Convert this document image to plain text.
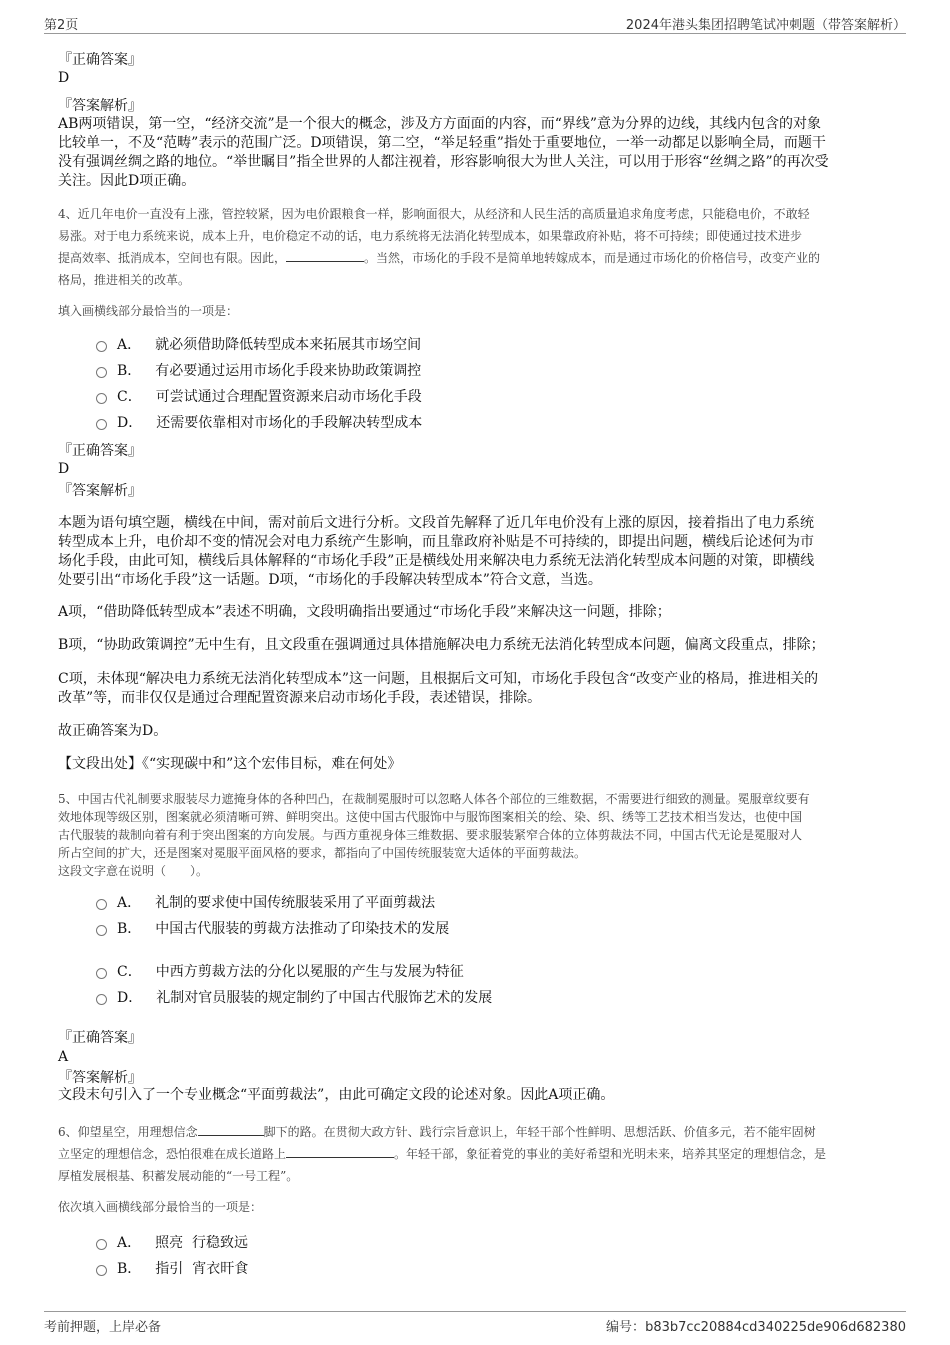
第2页	2024年港头集团招聘笔试冲刺题（带答案解析）
『正确答案』
D
『答案解析』
AB两项错误，第一空，“经济交流”是一个很大的概念，涉及方方面面的内容，而“界线”意为分界的边线，其线内包含的对象
比较单一，不及“范畴”表示的范围广泛。D项错误，第二空，“举足轻重”指处于重要地位，一举一动都足以影响全局，而题干
没有强调丝绸之路的地位。“举世瞩目”指全世界的人都注视着，形容影响很大为世人关注，可以用于形容“丝绸之路”的再次受
关注。因此D项正确。
4、近几年电价一直没有上涨，管控较紧，因为电价跟粮食一样，影响面很大，从经济和人民生活的高质量追求角度考虑，只能稳电价，不敢轻
易涨。对于电力系统来说，成本上升，电价稳定不动的话，电力系统将无法消化转型成本，如果靠政府补贴，将不可持续；即使通过技术进步
提高效率、抵消成本，空间也有限。因此，	。当然，市场化的手段不是简单地转嫁成本，而是通过市场化的价格信号，改变产业的
格局，推进相关的改革。
填入画横线部分最恰当的一项是：
A． 就必须借助降低转型成本来拓展其市场空间
B． 有必要通过运用市场化手段来协助政策调控
C． 可尝试通过合理配置资源来启动市场化手段
D． 还需要依靠相对市场化的手段解决转型成本
『正确答案』
D
『答案解析』
本题为语句填空题，横线在中间，需对前后文进行分析。文段首先解释了近几年电价没有上涨的原因，接着指出了电力系统
转型成本上升，电价却不变的情况会对电力系统产生影响，而且靠政府补贴是不可持续的，即提出问题，横线后论述何为市
场化手段，由此可知，横线后具体解释的“市场化手段”正是横线处用来解决电力系统无法消化转型成本问题的对策，即横线
处要引出“市场化手段”这一话题。D项，“市场化的手段解决转型成本”符合文意，当选。
A项，“借助降低转型成本”表述不明确，文段明确指出要通过“市场化手段”来解决这一问题，排除；
B项，“协助政策调控”无中生有，且文段重在强调通过具体措施解决电力系统无法消化转型成本问题，偏离文段重点，排除；
C项，未体现“解决电力系统无法消化转型成本”这一问题，且根据后文可知，市场化手段包含“改变产业的格局，推进相关的
改革”等，而非仅仅是通过合理配置资源来启动市场化手段，表述错误，排除。
故正确答案为D。
【文段出处】《“实现碳中和”这个宏伟目标，难在何处》
5、中国古代礼制要求服装尽力遮掩身体的各种凹凸，在裁制冕服时可以忽略人体各个部位的三维数据，不需要进行细致的测量。冕服章纹要有
效地体现等级区别，图案就必须清晰可辨、鲜明突出。这使中国古代服饰中与服饰图案相关的绘、染、织、绣等工艺技术相当发达，也使中国
古代服装的裁制向着有利于突出图案的方向发展。与西方重视身体三维数据、要求服装紧窄合体的立体剪裁法不同，中国古代无论是冕服对人
所占空间的扩大，还是图案对冕服平面风格的要求，都指向了中国传统服装宽大适体的平面剪裁法。
这段文字意在说明（　　）。
A． 礼制的要求使中国传统服装采用了平面剪裁法
B． 中国古代服装的剪裁方法推动了印染技术的发展
C． 中西方剪裁方法的分化以冕服的产生与发展为特征
D． 礼制对官员服装的规定制约了中国古代服饰艺术的发展
『正确答案』
A
『答案解析』
文段末句引入了一个专业概念“平面剪裁法”，由此可确定文段的论述对象。因此A项正确。
6、仰望星空，用理想信念	脚下的路。在贯彻大政方针、践行宗旨意识上，年轻干部个性鲜明、思想活跃、价值多元，若不能牢固树
立坚定的理想信念，恐怕很难在成长道路上	。年轻干部，象征着党的事业的美好希望和光明未来，培养其坚定的理想信念，是
厚植发展根基、积蓄发展动能的“一号工程”。
依次填入画横线部分最恰当的一项是：
A． 照亮  行稳致远
B． 指引  宵衣旰食
考前押题，上岸必备	编号：b83b7cc20884cd340225de906d682380
